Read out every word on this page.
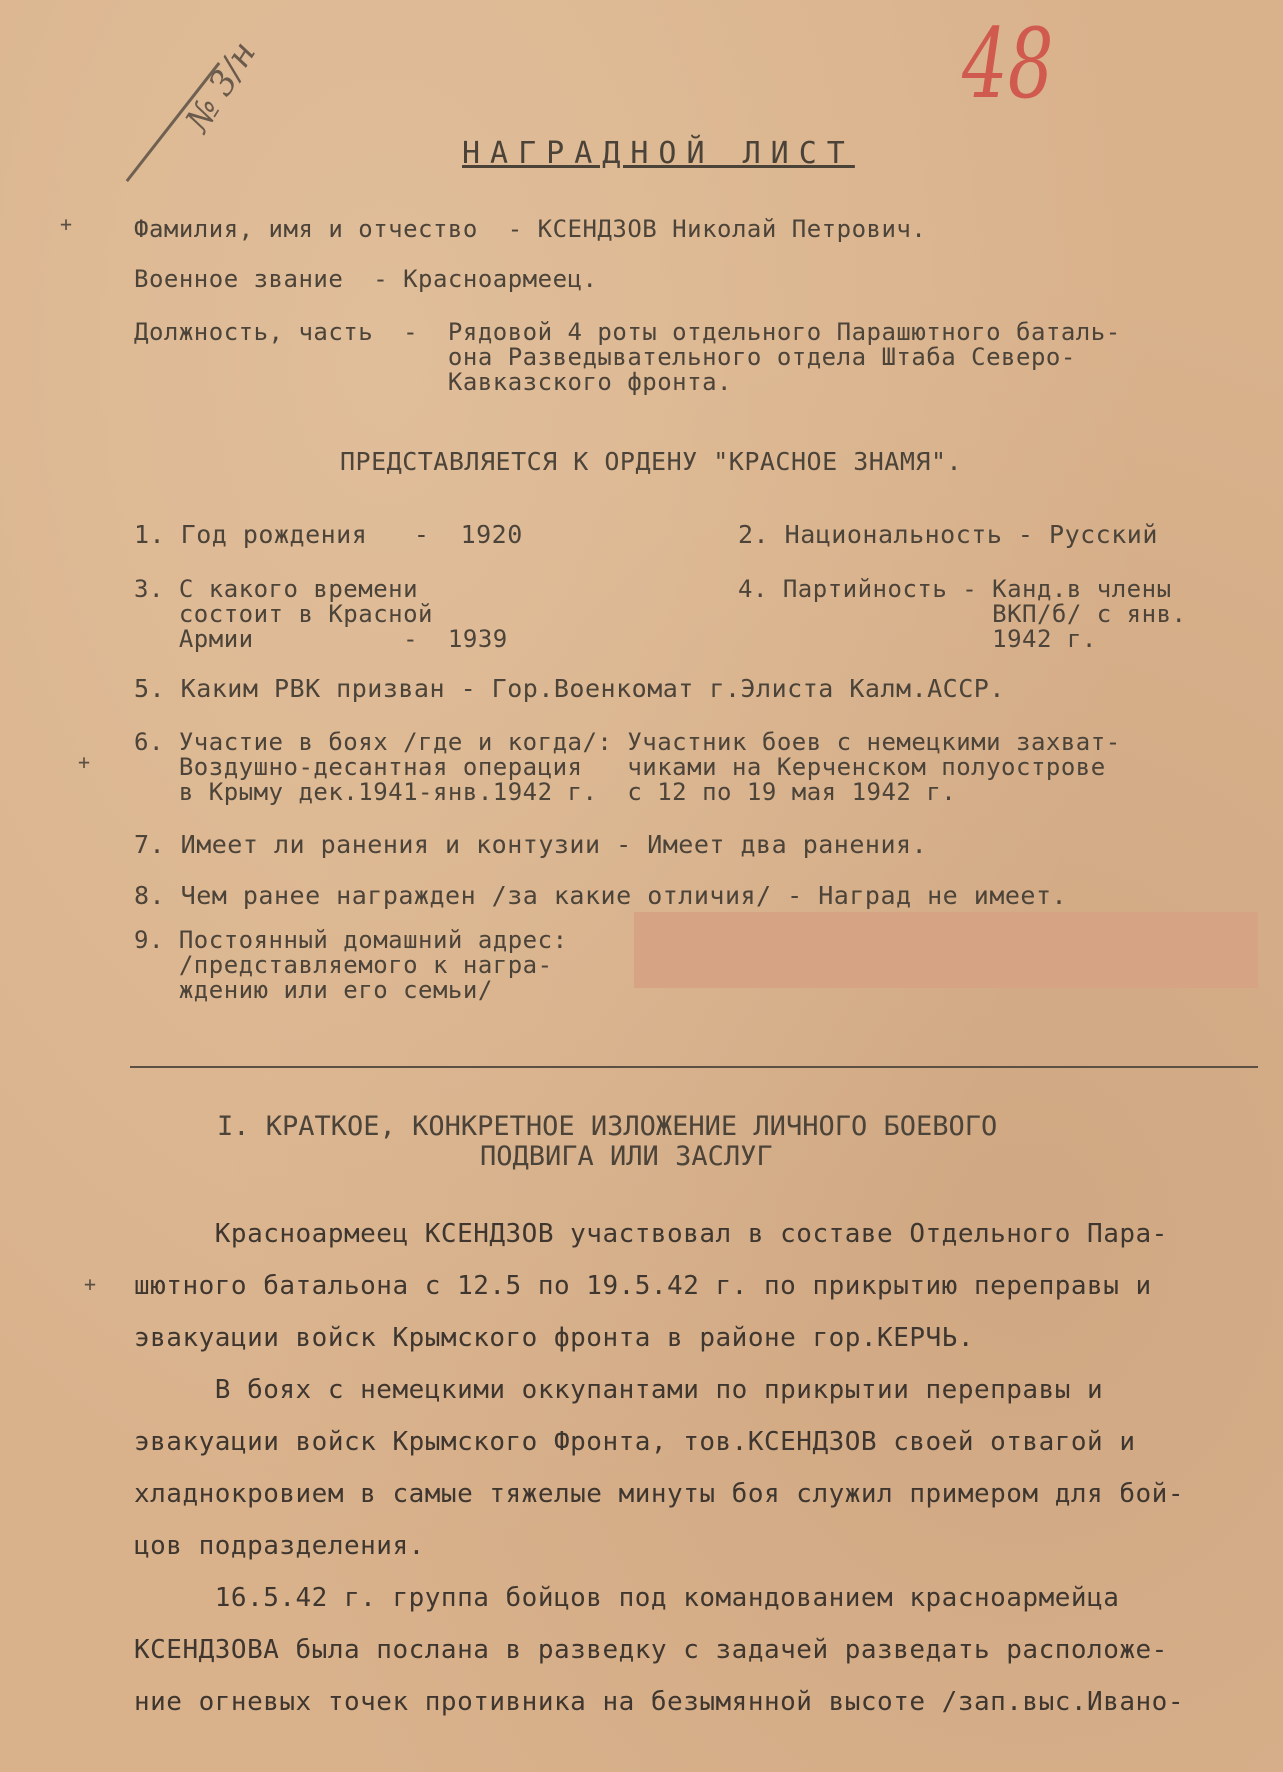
48
№ 3/н
НАГРАДНОЙ ЛИСТ
+	Фамилия, имя и отчество  - КСЕНДЗОВ Николай Петрович.
Военное звание  - Красноармеец.
Должность, часть  -  Рядовой 4 роты отдельного Парашютного баталь-
она Разведывательного отдела Штаба Северо-
Кавказского фронта.
ПРЕДСТАВЛЯЕТСЯ К ОРДЕНУ "КРАСНОЕ ЗНАМЯ".
1. Год рождения   -  1920	2. Национальность - Русский
3. С какого времени
состоит в Красной
Армии          -  1939
4. Партийность - Канд.в члены
ВКП/б/ с янв.
1942 г.
5. Каким РВК призван - Гор.Военкомат г.Элиста Калм.АССР.
+
6. Участие в боях /где и когда/: Участник боев с немецкими захват-
Воздушно-десантная операция   чиками на Керченском полуострове
в Крыму дек.1941-янв.1942 г.  с 12 по 19 мая 1942 г.
7. Имеет ли ранения и контузии - Имеет два ранения.
8. Чем ранее награжден /за какие отличия/ - Наград не имеет.
9. Постоянный домашний адрес:
/представляемого к награ-
ждению или его семьи/
I. КРАТКОЕ, КОНКРЕТНОЕ ИЗЛОЖЕНИЕ ЛИЧНОГО БОЕВОГО
ПОДВИГА ИЛИ ЗАСЛУГ
+
Красноармеец КСЕНДЗОВ участвовал в составе Отдельного Пара-
шютного батальона с 12.5 по 19.5.42 г. по прикрытию переправы и
эвакуации войск Крымского фронта в районе гор.КЕРЧЬ.
В боях с немецкими оккупантами по прикрытии переправы и
эвакуации войск Крымского Фронта, тов.КСЕНДЗОВ своей отвагой и
хладнокровием в самые тяжелые минуты боя служил примером для бой-
цов подразделения.
16.5.42 г. группа бойцов под командованием красноармейца
КСЕНДЗОВА была послана в разведку с задачей разведать расположе-
ние огневых точек противника на безымянной высоте /зап.выс.Ивано-
